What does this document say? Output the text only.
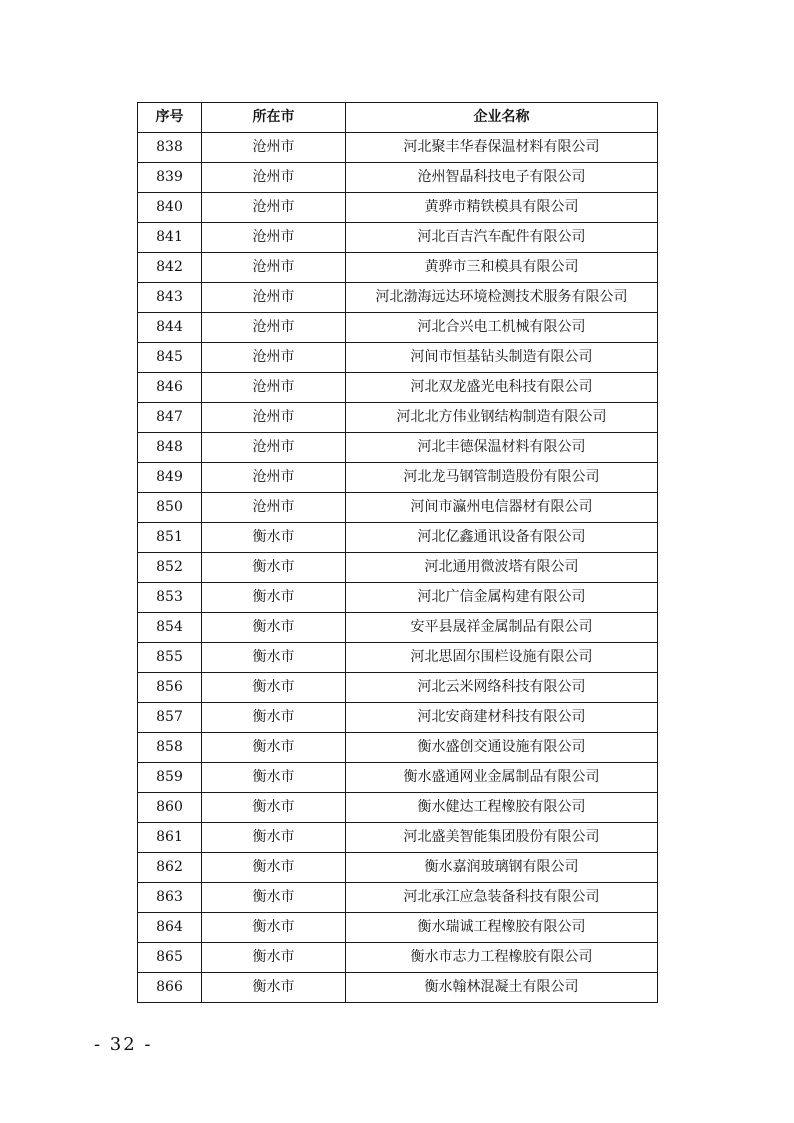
序号	所在市	企业名称
838	沧州市	河北聚丰华春保温材料有限公司
839	沧州市	沧州智晶科技电子有限公司
840	沧州市	黄骅市精铁模具有限公司
841	沧州市	河北百吉汽车配件有限公司
842	沧州市	黄骅市三和模具有限公司
843	沧州市	河北渤海远达环境检测技术服务有限公司
844	沧州市	河北合兴电工机械有限公司
845	沧州市	河间市恒基钻头制造有限公司
846	沧州市	河北双龙盛光电科技有限公司
847	沧州市	河北北方伟业钢结构制造有限公司
848	沧州市	河北丰德保温材料有限公司
849	沧州市	河北龙马钢管制造股份有限公司
850	沧州市	河间市瀛州电信器材有限公司
851	衡水市	河北亿鑫通讯设备有限公司
852	衡水市	河北通用微波塔有限公司
853	衡水市	河北广信金属构建有限公司
854	衡水市	安平县晟祥金属制品有限公司
855	衡水市	河北思固尔围栏设施有限公司
856	衡水市	河北云米网络科技有限公司
857	衡水市	河北安商建材科技有限公司
858	衡水市	衡水盛创交通设施有限公司
859	衡水市	衡水盛通网业金属制品有限公司
860	衡水市	衡水健达工程橡胶有限公司
861	衡水市	河北盛美智能集团股份有限公司
862	衡水市	衡水嘉润玻璃钢有限公司
863	衡水市	河北承江应急装备科技有限公司
864	衡水市	衡水瑞诚工程橡胶有限公司
865	衡水市	衡水市志力工程橡胶有限公司
866	衡水市	衡水翰林混凝土有限公司
- 32 -
